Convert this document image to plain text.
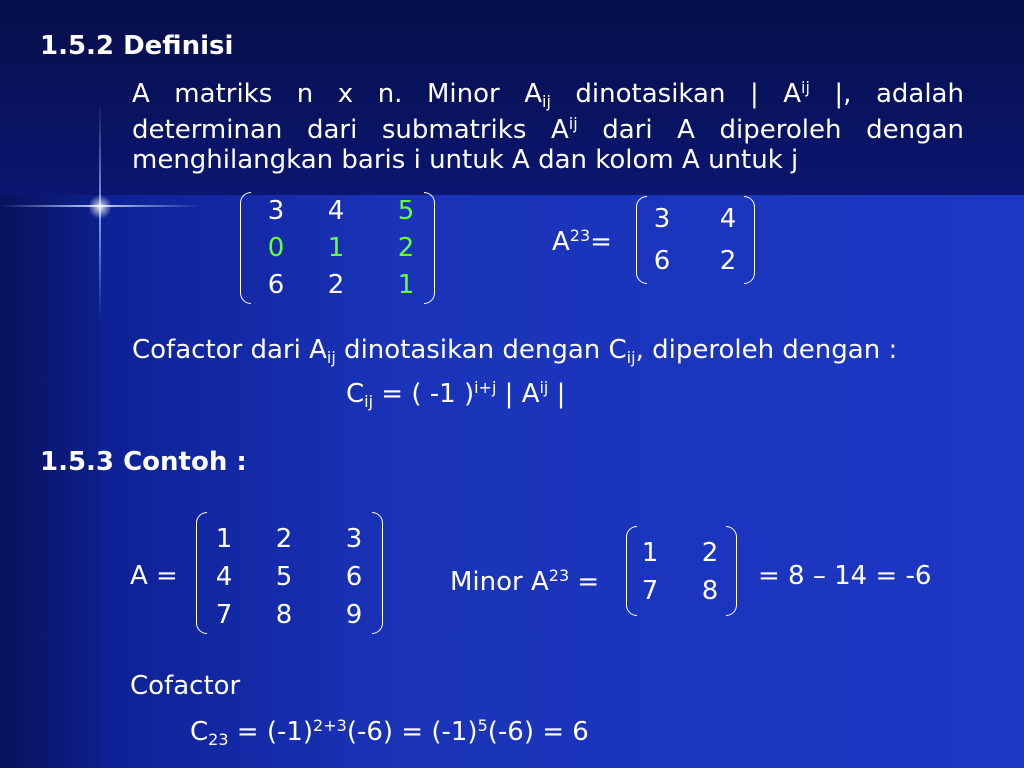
1.5.2 Definisi
A matriks n x n. Minor $A_{ij}$ dinotasikan | $A^{ij}$ |, adalah
determinan dari submatriks $A^{ij}$ dari A diperoleh dengan
menghilangkan baris i untuk A dan kolom A untuk j
3 4 5
0 1 2
6 2 1
$A^{23}=$
3 4
6 2
Cofactor dari $A_{ij}$ dinotasikan dengan $C_{ij}$, diperoleh dengan :
$C_{ij}$ = ( -1 )$^{i+j}$ | $A^{ij}$ |
1.5.3 Contoh :
A =
1 2 3
4 5 6
7 8 9
Minor $A^{23}$ =
1 2
7 8 = 8 – 14 = -6
Cofactor
$C_{23} = (-1)^{2+3}(-6) = (-1)^5(-6) = 6$
